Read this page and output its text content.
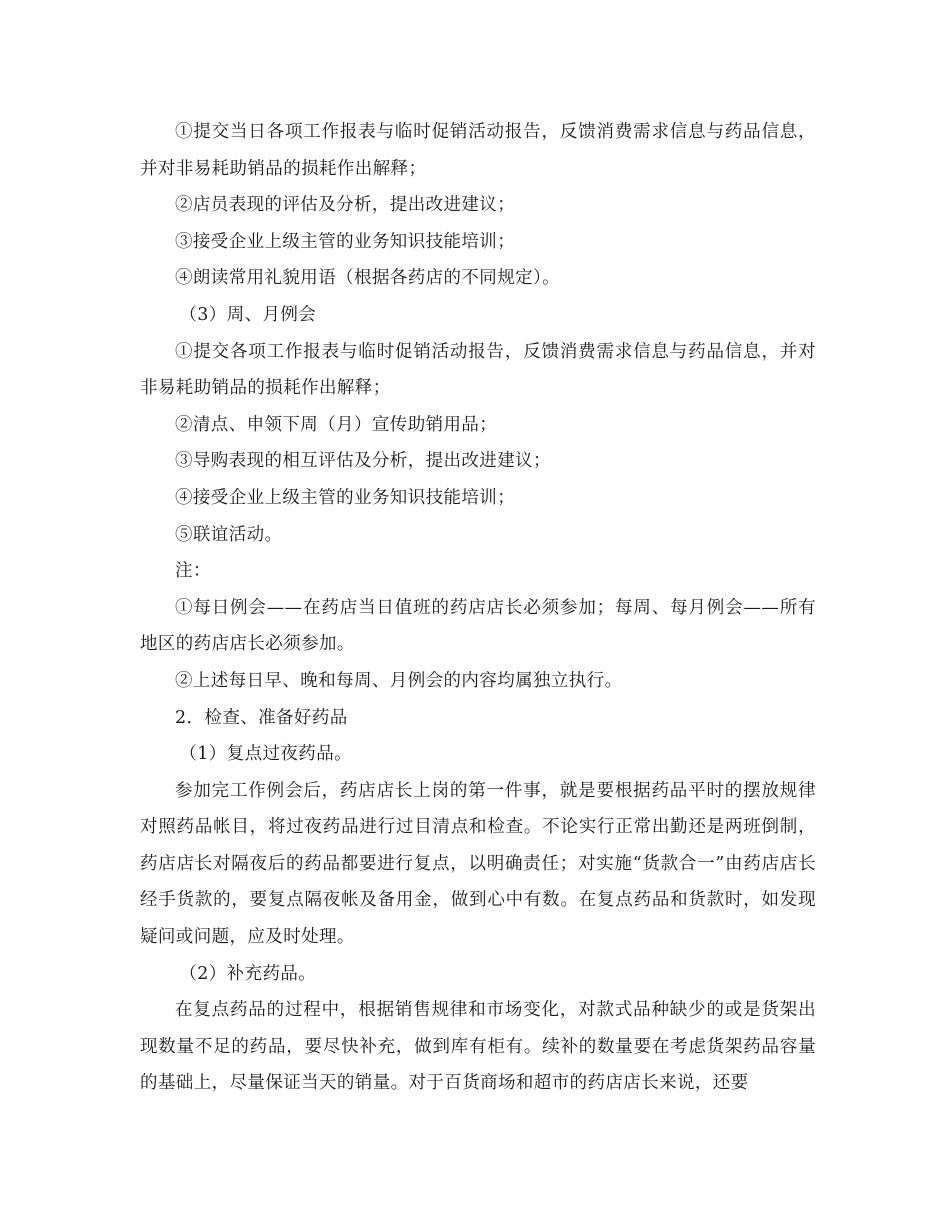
①提交当日各项工作报表与临时促销活动报告，反馈消费需求信息与药品信息，并对非易耗助销品的损耗作出解释；

②店员表现的评估及分析，提出改进建议；

③接受企业上级主管的业务知识技能培训；

④朗读常用礼貌用语（根据各药店的不同规定）。

（3）周、月例会

①提交各项工作报表与临时促销活动报告，反馈消费需求信息与药品信息，并对非易耗助销品的损耗作出解释；

②清点、申领下周（月）宣传助销用品；

③导购表现的相互评估及分析，提出改进建议；

④接受企业上级主管的业务知识技能培训；

⑤联谊活动。

注：

①每日例会——在药店当日值班的药店店长必须参加；每周、每月例会——所有地区的药店店长必须参加。

②上述每日早、晚和每周、月例会的内容均属独立执行。

2．检查、准备好药品

（1）复点过夜药品。

参加完工作例会后，药店店长上岗的第一件事，就是要根据药品平时的摆放规律对照药品帐目，将过夜药品进行过目清点和检查。不论实行正常出勤还是两班倒制，药店店长对隔夜后的药品都要进行复点，以明确责任；对实施“货款合一”由药店店长经手货款的，要复点隔夜帐及备用金，做到心中有数。在复点药品和货款时，如发现疑问或问题，应及时处理。

（2）补充药品。

在复点药品的过程中，根据销售规律和市场变化，对款式品种缺少的或是货架出现数量不足的药品，要尽快补充，做到库有柜有。续补的数量要在考虑货架药品容量的基础上，尽量保证当天的销量。对于百货商场和超市的药店店长来说，还要
